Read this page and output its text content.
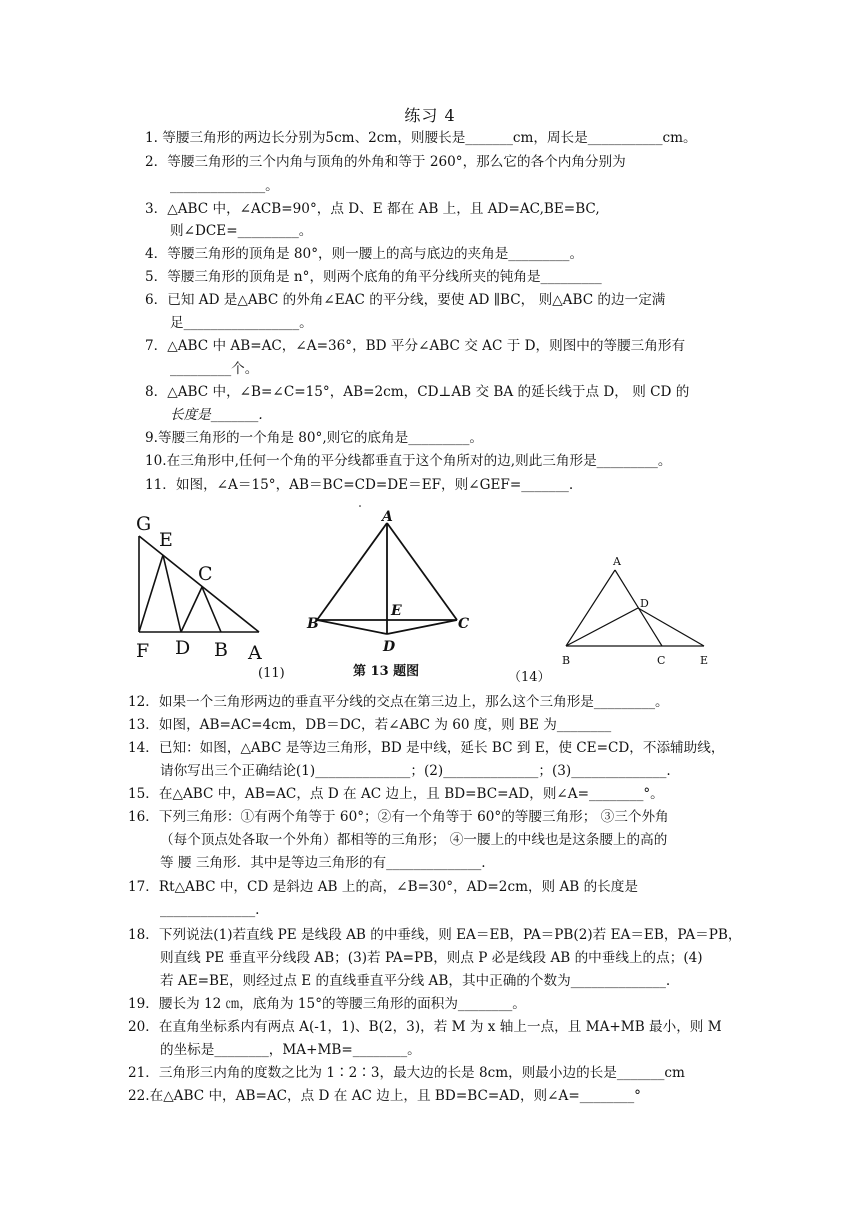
练习 4
1. 等腰三角形的两边长分别为5cm、2cm，则腰长是_______cm，周长是___________cm。
2．等腰三角形的三个内角与顶角的外角和等于 260°，那么它的各个内角分别为
______________。
3．△ABC 中，∠ACB=90°，点 D、E 都在 AB 上，且 AD=AC,BE=BC,
则∠DCE=_________。
4．等腰三角形的顶角是 80°，则一腰上的高与底边的夹角是_________。
5．等腰三角形的顶角是 n°，则两个底角的角平分线所夹的钝角是_________
6．已知 AD 是△ABC 的外角∠EAC 的平分线，要使 AD ∥BC， 则△ABC 的边一定满
足_________________。
7．△ABC 中 AB=AC，∠A=36°，BD 平分∠ABC 交 AC 于 D，则图中的等腰三角形有
_________个。
8．△ABC 中，∠B=∠C=15°，AB=2cm，CD⊥AB 交 BA 的延长线于点 D， 则 CD 的
长度是_______.
9.等腰三角形的一个角是 80°,则它的底角是_________。
10.在三角形中,任何一个角的平分线都垂直于这个角所对的边,则此三角形是_________。
11．如图，∠A＝15°，AB＝BC=CD=DE＝EF，则∠GEF=_______.
G
E
C
F D B A
(11)
A
B
E
C
D
第 13 题图
A
D
B	C	E
（14）
12．如果一个三角形两边的垂直平分线的交点在第三边上，那么这个三角形是_________。
13．如图，AB=AC=4cm，DB＝DC，若∠ABC 为 60 度，则 BE 为________
14．已知：如图，△ABC 是等边三角形，BD 是中线，延长 BC 到 E，使 CE=CD，不添辅助线，
请你写出三个正确结论(1)______________；(2)______________；(3)______________.
15．在△ABC 中，AB=AC，点 D 在 AC 边上，且 BD=BC=AD，则∠A=________°。
16．下列三角形：①有两个角等于 60°；②有一个角等于 60°的等腰三角形； ③三个外角
（每个顶点处各取一个外角）都相等的三角形； ④一腰上的中线也是这条腰上的高的
等 腰 三角形．其中是等边三角形的有______________.
17．Rt△ABC 中，CD 是斜边 AB 上的高，∠B=30°，AD=2cm，则 AB 的长度是
______________.
18．下列说法(1)若直线 PE 是线段 AB 的中垂线，则 EA＝EB，PA＝PB(2)若 EA＝EB，PA＝PB，
则直线 PE 垂直平分线段 AB；(3)若 PA=PB，则点 P 必是线段 AB 的中垂线上的点；(4)
若 AE=BE，则经过点 E 的直线垂直平分线 AB，其中正确的个数为______________.
19．腰长为 12 ㎝，底角为 15°的等腰三角形的面积为________。
20．在直角坐标系内有两点 A(-1，1)、B(2，3)，若 M 为 x 轴上一点，且 MA+MB 最小，则 M
的坐标是________，MA+MB=________。
21．三角形三内角的度数之比为 1∶2∶3，最大边的长是 8cm，则最小边的长是_______cm
22.在△ABC 中，AB=AC，点 D 在 AC 边上，且 BD=BC=AD，则∠A=________°
